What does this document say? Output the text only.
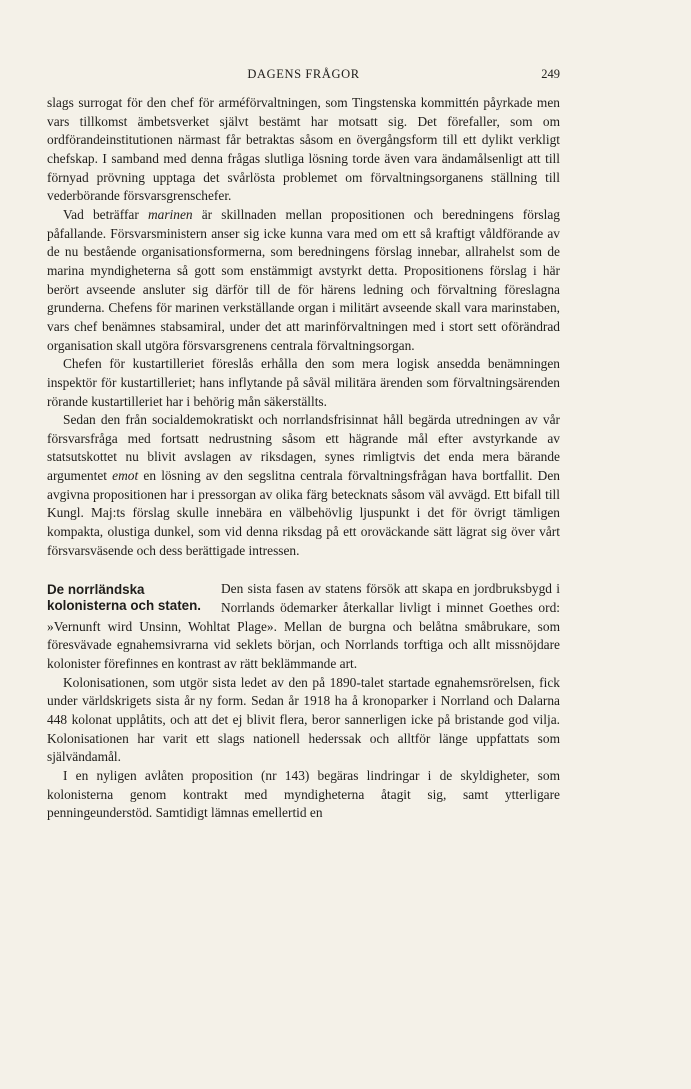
DAGENS FRÅGOR	249

slags surrogat för den chef för arméförvaltningen, som Tingstenska kommittén påyrkade men vars tillkomst ämbetsverket självt bestämt har motsatt sig. Det förefaller, som om ordförandeinstitutionen närmast får betraktas såsom en övergångsform till ett dylikt verkligt chefskap. I samband med denna frågas slutliga lösning torde även vara ändamålsenligt att till förnyad prövning upptaga det svårlösta problemet om förvaltningsorganens ställning till vederbörande försvarsgrenschefer.

Vad beträffar marinen är skillnaden mellan propositionen och beredningens förslag påfallande. Försvarsministern anser sig icke kunna vara med om ett så kraftigt våldförande av de nu bestående organisationsformerna, som beredningens förslag innebar, allrahelst som de marina myndigheterna så gott som enstämmigt avstyrkt detta. Propositionens förslag i här berört avseende ansluter sig därför till de för härens ledning och förvaltning föreslagna grunderna. Chefens för marinen verkställande organ i militärt avseende skall vara marinstaben, vars chef benämnes stabsamiral, under det att marinförvaltningen med i stort sett oförändrad organisation skall utgöra försvarsgrenens centrala förvaltningsorgan.

Chefen för kustartilleriet föreslås erhålla den som mera logisk ansedda benämningen inspektör för kustartilleriet; hans inflytande på såväl militära ärenden som förvaltningsärenden rörande kustartilleriet har i behörig mån säkerställts.

Sedan den från socialdemokratiskt och norrlandsfrisinnat håll begärda utredningen av vår försvarsfråga med fortsatt nedrustning såsom ett hägrande mål efter avstyrkande av statsutskottet nu blivit avslagen av riksdagen, synes rimligtvis det enda mera bärande argumentet emot en lösning av den segslitna centrala förvaltningsfrågan hava bortfallit. Den avgivna propositionen har i pressorgan av olika färg betecknats såsom väl avvägd. Ett bifall till Kungl. Maj:ts förslag skulle innebära en välbehövlig ljuspunkt i det för övrigt tämligen kompakta, olustiga dunkel, som vid denna riksdag på ett oroväckande sätt lägrat sig över vårt försvarsväsende och dess berättigade intressen.

De norrländska kolonisterna och staten.

Den sista fasen av statens försök att skapa en jordbruksbygd i Norrlands ödemarker återkallar livligt i minnet Goethes ord: »Vernunft wird Unsinn, Wohltat Plage». Mellan de burgna och belåtna småbrukare, som föresvävade egnahemsivrarna vid seklets början, och Norrlands torftiga och allt missnöjdare kolonister förefinnes en kontrast av rätt beklämmande art.

Kolonisationen, som utgör sista ledet av den på 1890-talet startade egnahemsrörelsen, fick under världskrigets sista år ny form. Sedan år 1918 ha å kronoparker i Norrland och Dalarna 448 kolonat upplåtits, och att det ej blivit flera, beror sannerligen icke på bristande god vilja. Kolonisationen har varit ett slags nationell hederssak och alltför länge uppfattats som självändamål.

I en nyligen avlåten proposition (nr 143) begäras lindringar i de skyldigheter, som kolonisterna genom kontrakt med myndigheterna åtagit sig, samt ytterligare penningeunderstöd. Samtidigt lämnas emellertid en
